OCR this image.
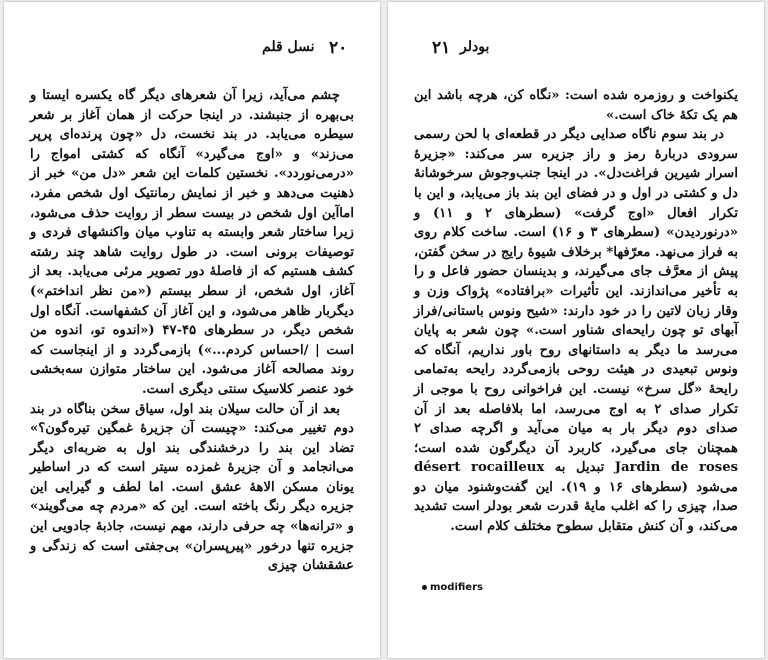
۲۰
نسل قلم

چشم می‌آید، زیرا آن شعرهای دیگر گاه یکسره ایستا و بی‌بهره از جنبشند. در اینجا حرکت از همان آغاز بر شعر سیطره می‌یابد. در بند نخست، دل «چون پرنده‌ای پرپر می‌زند» و «اوج می‌گیرد» آنگاه که کشتی امواج را «درمی‌نوردد». نخستین کلمات این شعر «دل من» خبر از ذهنیت می‌دهد و خبر از نمایش رمانتیک اول شخص مفرد، اماآین اول شخص در بیست سطر از روایت حذف می‌شود، زیرا ساختار شعر وابسته به تناوب میان واکنشهای فردی و توصیفات برونی است. در طول روایت شاهد چند رشته کشف هستیم که از فاصلهٔ دور تصویر مرئی می‌یابد. بعد از آغاز، اول شخص، از سطر بیستم («من نظر انداختم») دیگربار ظاهر می‌شود، و این آغاز آن کشفهاست. آنگاه اول شخص دیگر، در سطرهای ۴۵-۴۷ («اندوه تو، اندوه من است | /احساس کردم...») بازمی‌گردد و از اینجاست که روند مصالحه آغاز می‌شود. این ساختار متوازن سه‌بخشی خود عنصر کلاسیک سنتی دیگری است.

بعد از آن حالت سیلان بند اول، سیاق سخن بناگاه در بند دوم تغییر می‌کند: «چیست آن جزیرهٔ غمگین تیره‌گون؟» تضاد این بند را درخشندگی بند اول به ضربه‌ای دیگر می‌انجامد و آن جزیرهٔ غمزده سیتر است که در اساطیر یونان مسکن الاههٔ عشق است. اما لطف و گیرایی این جزیره دیگر رنگ باخته است. این که «مردم چه می‌گویند» و «ترانه‌ها» چه حرفی دارند، مهم نیست، جاذبهٔ جادویی این جزیره تنها درخور «پیرپسران» بی‌جفتی است که زندگی و عشقشان چیزی

بودلر
۲۱

یکنواخت و روزمره شده است: «نگاه کن، هرچه باشد این هم یک تکهٔ خاک است.»

در بند سوم ناگاه صدایی دیگر در قطعه‌ای با لحن رسمی سرودی دربارهٔ رمز و راز جزیره سر می‌کند: «جزیرهٔ اسرار شیرین فراغت‌دل». در اینجا جنب‌وجوش سرخوشانهٔ دل و کشتی در اول و در فضای این بند باز می‌یابد، و این با تکرار افعال «اوج گرفت» (سطرهای ۲ و ۱۱) و «درنوردیدن» (سطرهای ۳ و ۱۶) است. ساخت کلام روی به فراز می‌نهد. معرّفها* برخلاف شیوهٔ رایج در سخن گفتن، پیش از معرَّف جای می‌گیرند، و بدینسان حضور فاعل و را به تأخیر می‌اندازند. این تأثیرات «برافتاده» پژواک وزن و وقار زبان لاتین را در خود دارند: «شیح ونوس باستانی/فراز آبهای تو چون رایحه‌ای شناور است.» چون شعر به پایان می‌رسد ما دیگر به داستانهای روح باور نداریم، آنگاه که ونوس تبعیدی در هیئت روحی بازمی‌گردد رایحه به‌تمامی رایحهٔ «گل سرخ» نیست. این فراخوانی روح با موجی از تکرار صدای ۲ به اوج می‌رسد، اما بلافاصله بعد از آن صدای دوم دیگر بار به میان می‌آید و اگرچه صدای ۲ همچنان جای می‌گیرد، کاربرد آن دیگرگون شده است؛ Jardin de roses تبدیل به désert rocailleux می‌شود (سطرهای ۱۶ و ۱۹). این گفت‌وشنود میان دو صدا، چیزی را که اغلب مایهٔ قدرت شعر بودلر است تشدید می‌کند، و آن کنش متقابل سطوح مختلف کلام است.

modifiers
